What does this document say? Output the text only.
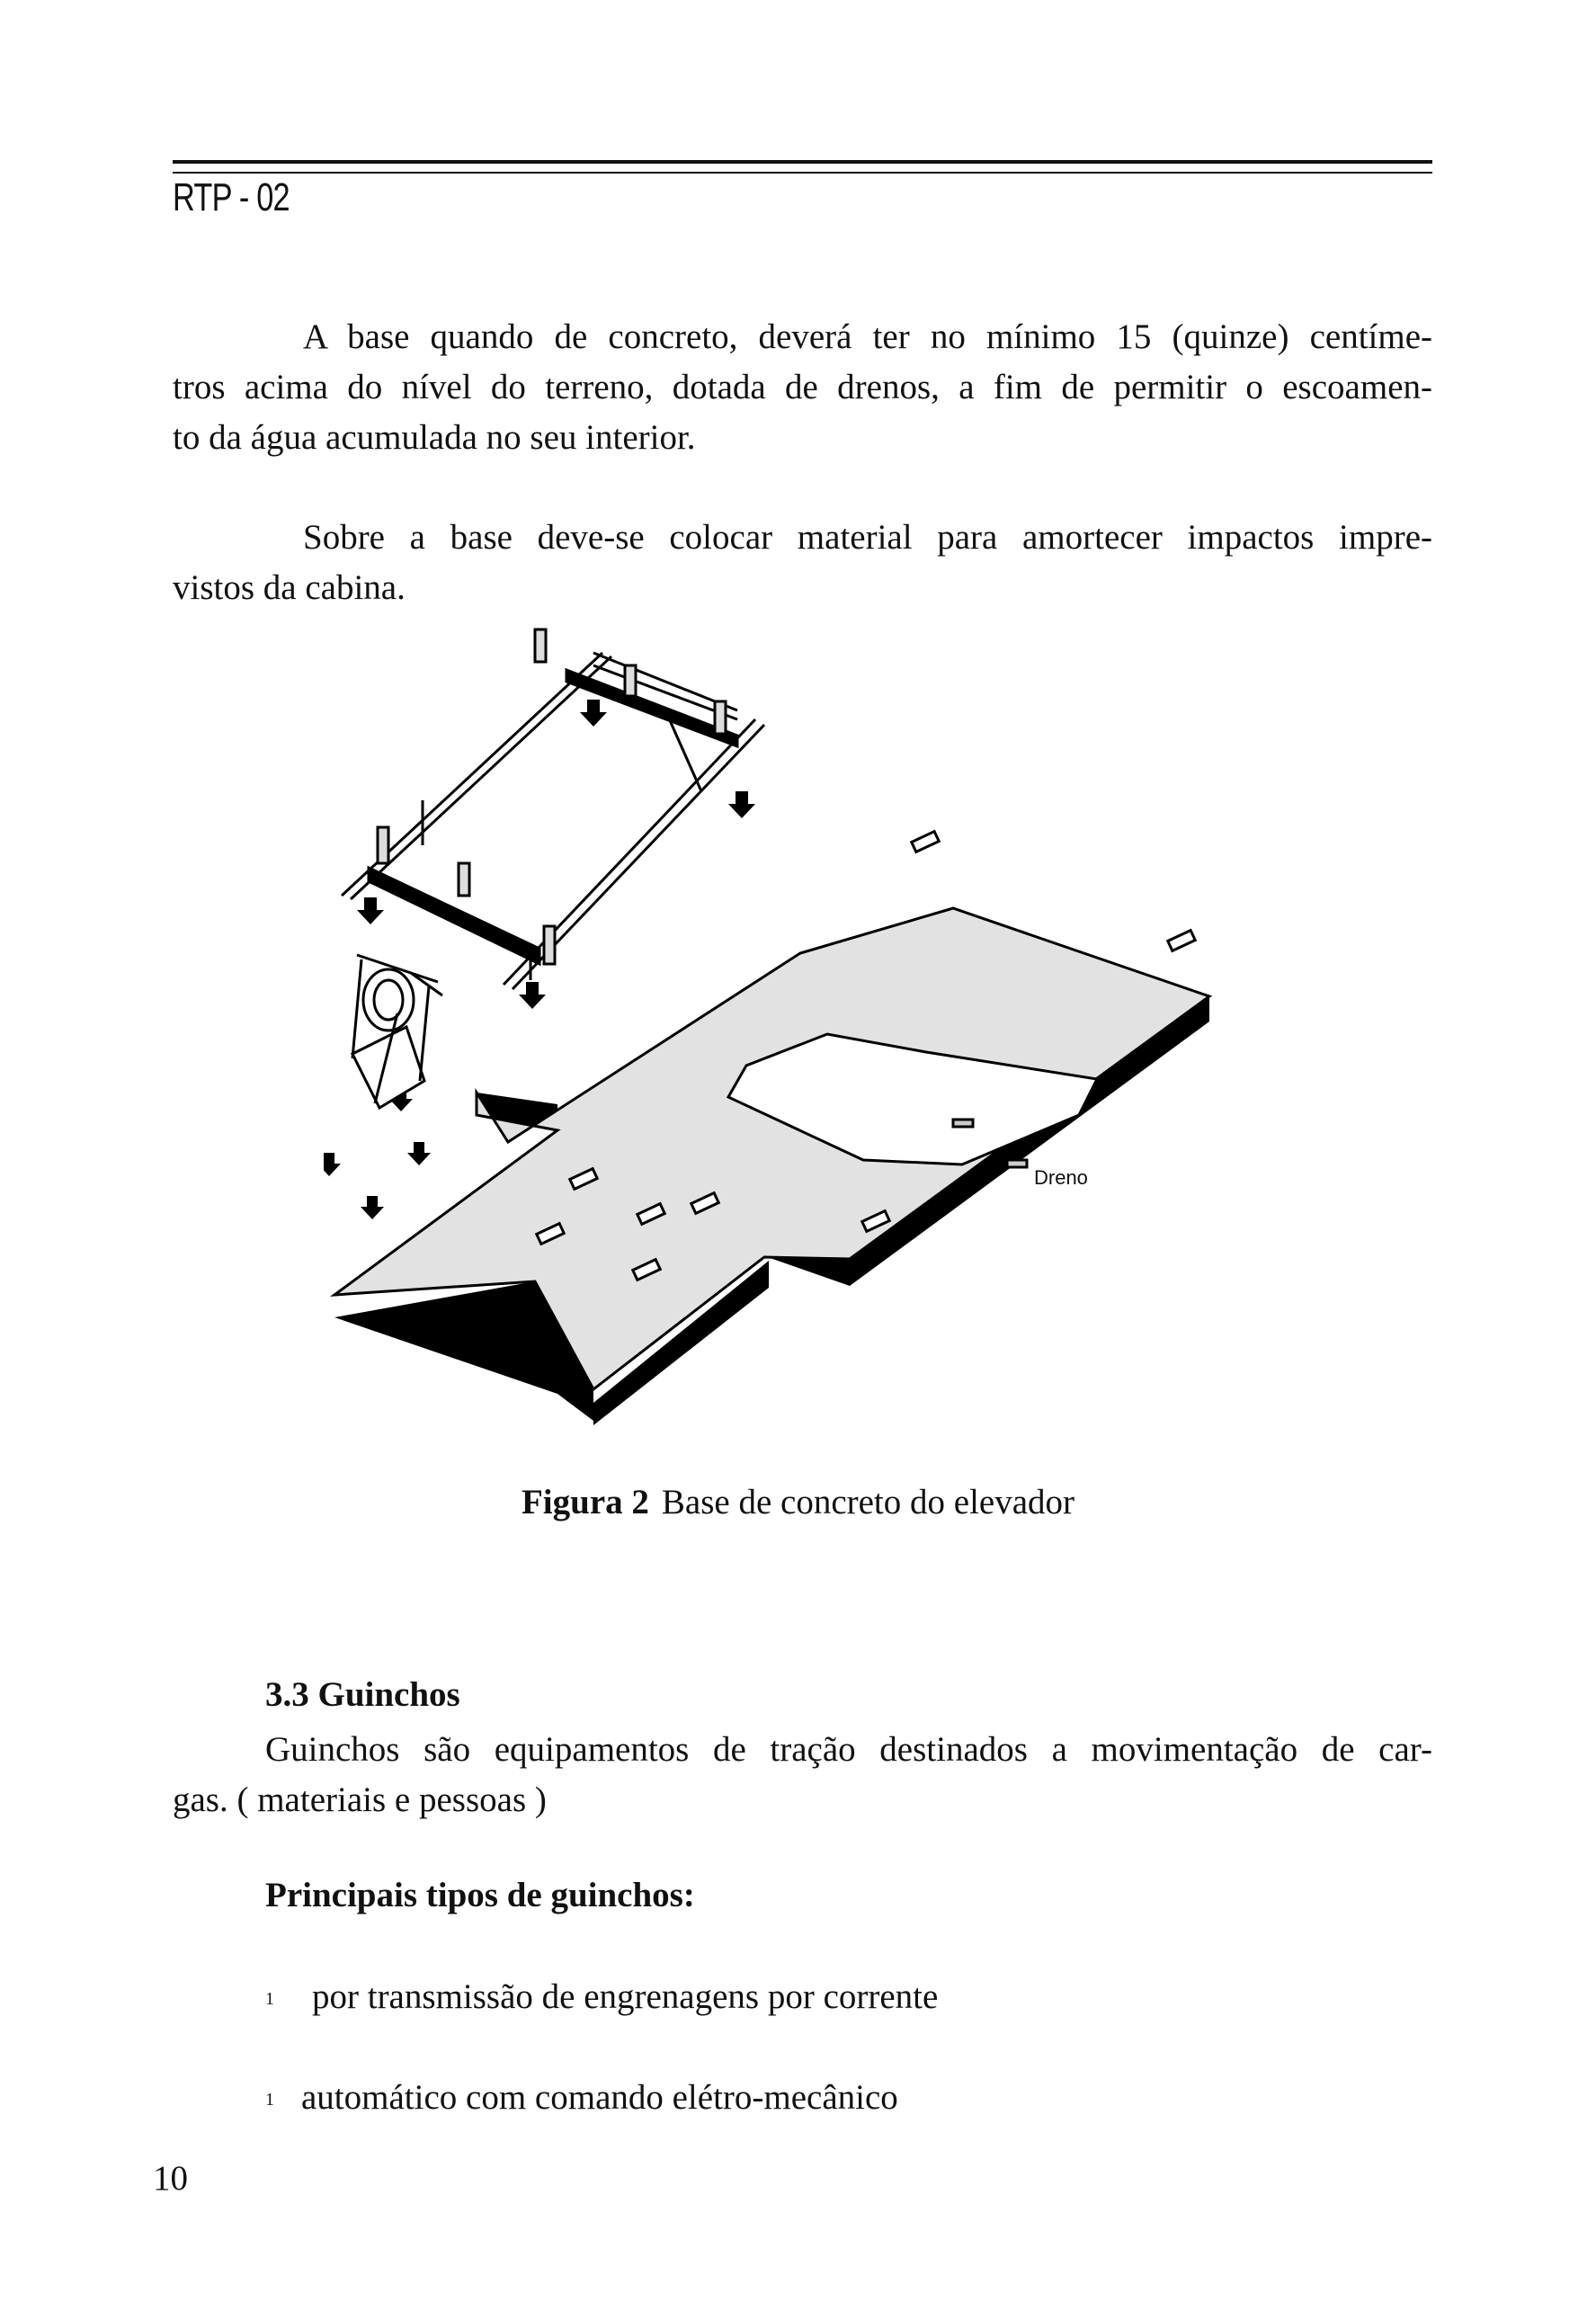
RTP - 02

A base quando de concreto, deverá ter no mínimo 15 (quinze) centíme-
tros acima do nível do terreno, dotada de drenos, a fim de permitir o escoamen-
to da água acumulada no seu interior.

Sobre a base deve-se colocar material para amortecer impactos impre-
vistos da cabina.

Dreno
Figura 2 Base de concreto do elevador
3.3 Guinchos

Guinchos são equipamentos de tração destinados a movimentação de car-
gas. ( materiais e pessoas )

Principais tipos de guinchos:
1 por transmissão de engrenagens por corrente
1 automático com comando elétro-mecânico
10
